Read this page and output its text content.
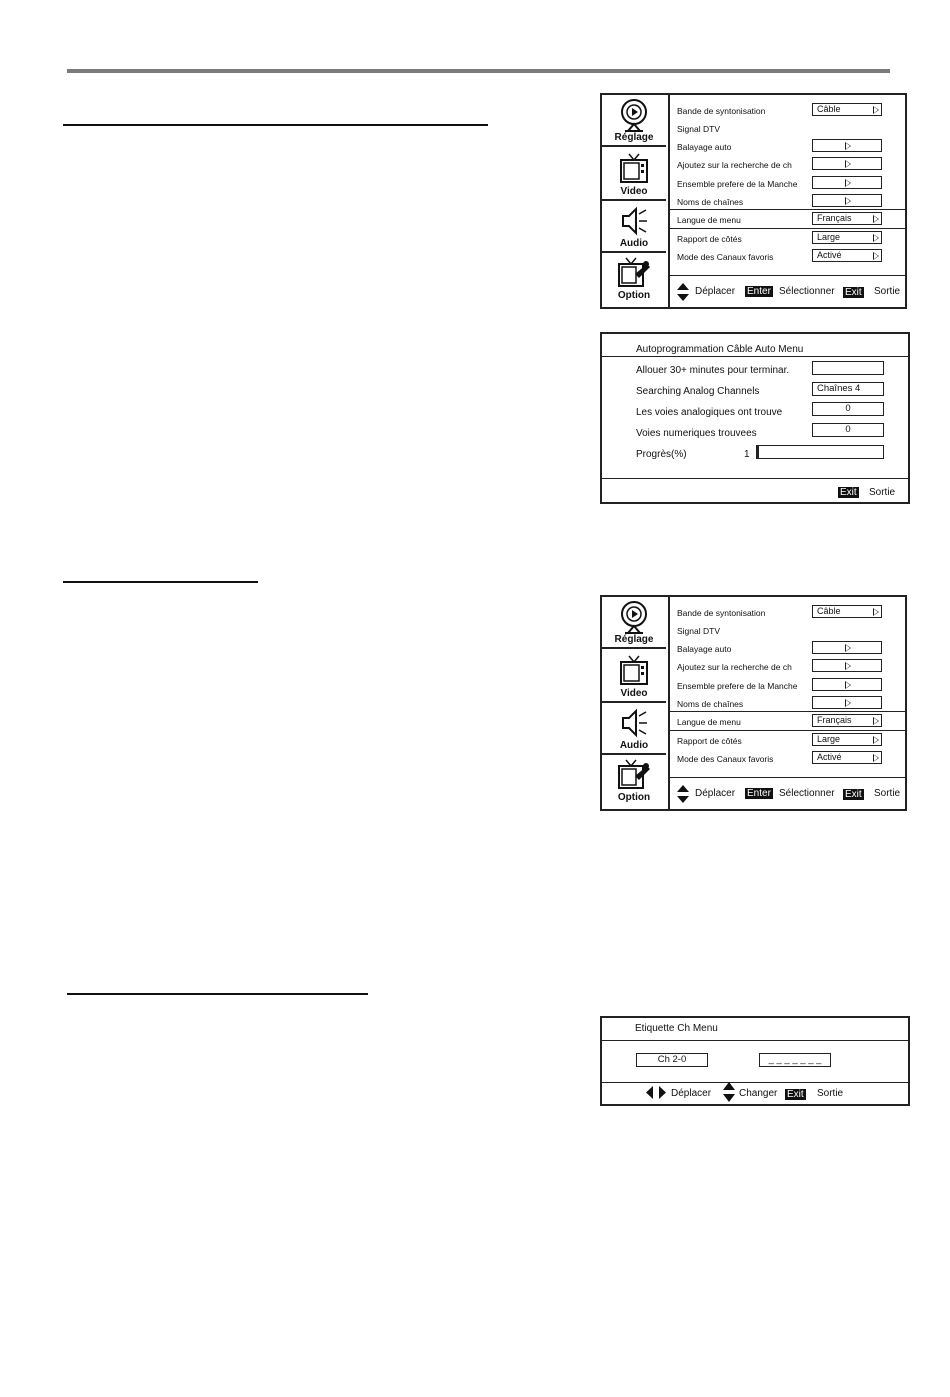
Réglage
Video
Audio
Option
Bande de syntonisation	Câble
Signal DTV
Balayage auto
Ajoutez sur la recherche de ch
Ensemble prefere de la Manche
Noms de chaînes
Langue de menu	Français
Rapport de côtés	Large
Mode des Canaux favoris	Activé
Déplacer Enter Sélectionner Exit Sortie
Autoprogrammation Câble Auto Menu
Allouer 30+ minutes pour terminar.
Searching Analog Channels	Chaînes 4
Les voies analogiques ont trouve	0
Voies numeriques trouvees	0
Progrès(%)	1
Exit Sortie
Réglage
Video
Audio
Option
Bande de syntonisation	Câble
Signal DTV
Balayage auto
Ajoutez sur la recherche de ch
Ensemble prefere de la Manche
Noms de chaînes
Langue de menu	Français
Rapport de côtés	Large
Mode des Canaux favoris	Activé
Déplacer Enter Sélectionner Exit Sortie
Etiquette Ch Menu
Ch 2-0	_ _ _ _ _ _ _
Déplacer	Changer Exit Sortie
